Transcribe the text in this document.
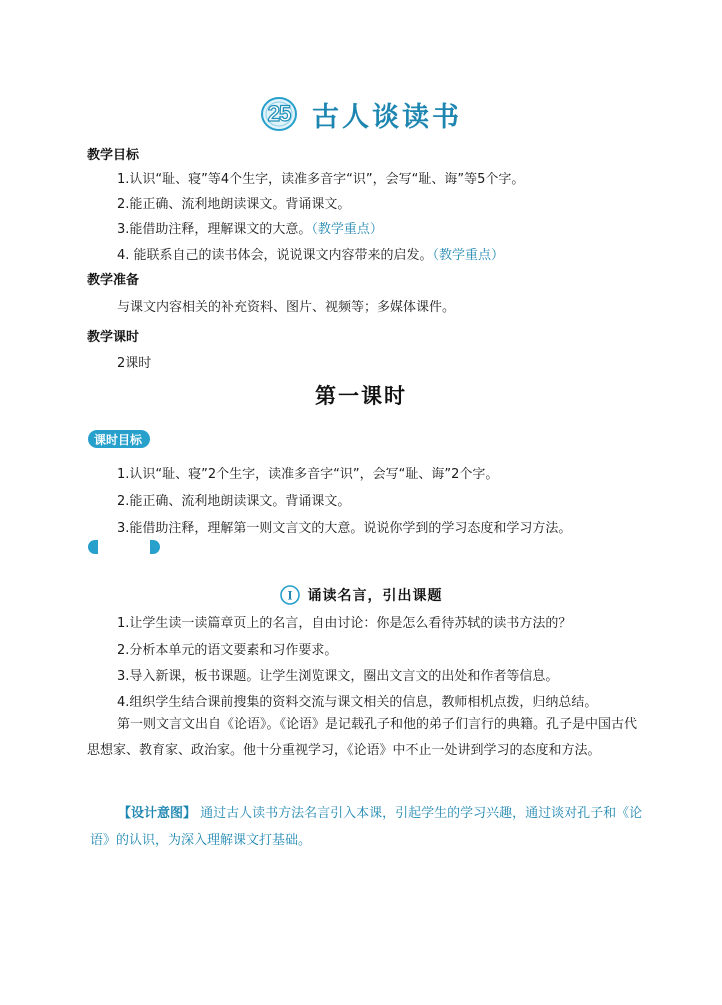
25 古人谈读书
教学目标
1.认识“耻、寝”等4个生字，读准多音字“识”，会写“耻、诲”等5个字。
2.能正确、流利地朗读课文。背诵课文。
3.能借助注释，理解课文的大意。（教学重点）
4. 能联系自己的读书体会，说说课文内容带来的启发。（教学重点）
教学准备
与课文内容相关的补充资料、图片、视频等；多媒体课件。
教学课时
2课时
第一课时
课时目标
1.认识“耻、寝”2个生字，读准多音字“识”，会写“耻、诲”2个字。
2.能正确、流利地朗读课文。背诵课文。
3.能借助注释，理解第一则文言文的大意。说说你学到的学习态度和学习方法。
I 诵读名言，引出课题
1.让学生读一读篇章页上的名言，自由讨论：你是怎么看待苏轼的读书方法的？
2.分析本单元的语文要素和习作要求。
3.导入新课，板书课题。让学生浏览课文，圈出文言文的出处和作者等信息。
4.组织学生结合课前搜集的资料交流与课文相关的信息，教师相机点拨，归纳总结。
第一则文言文出自《论语》。《论语》是记载孔子和他的弟子们言行的典籍。孔子是中国古代思想家、教育家、政治家。他十分重视学习，《论语》中不止一处讲到学习的态度和方法。
【设计意图】 通过古人读书方法名言引入本课，引起学生的学习兴趣，通过谈对孔子和《论语》的认识，为深入理解课文打基础。
